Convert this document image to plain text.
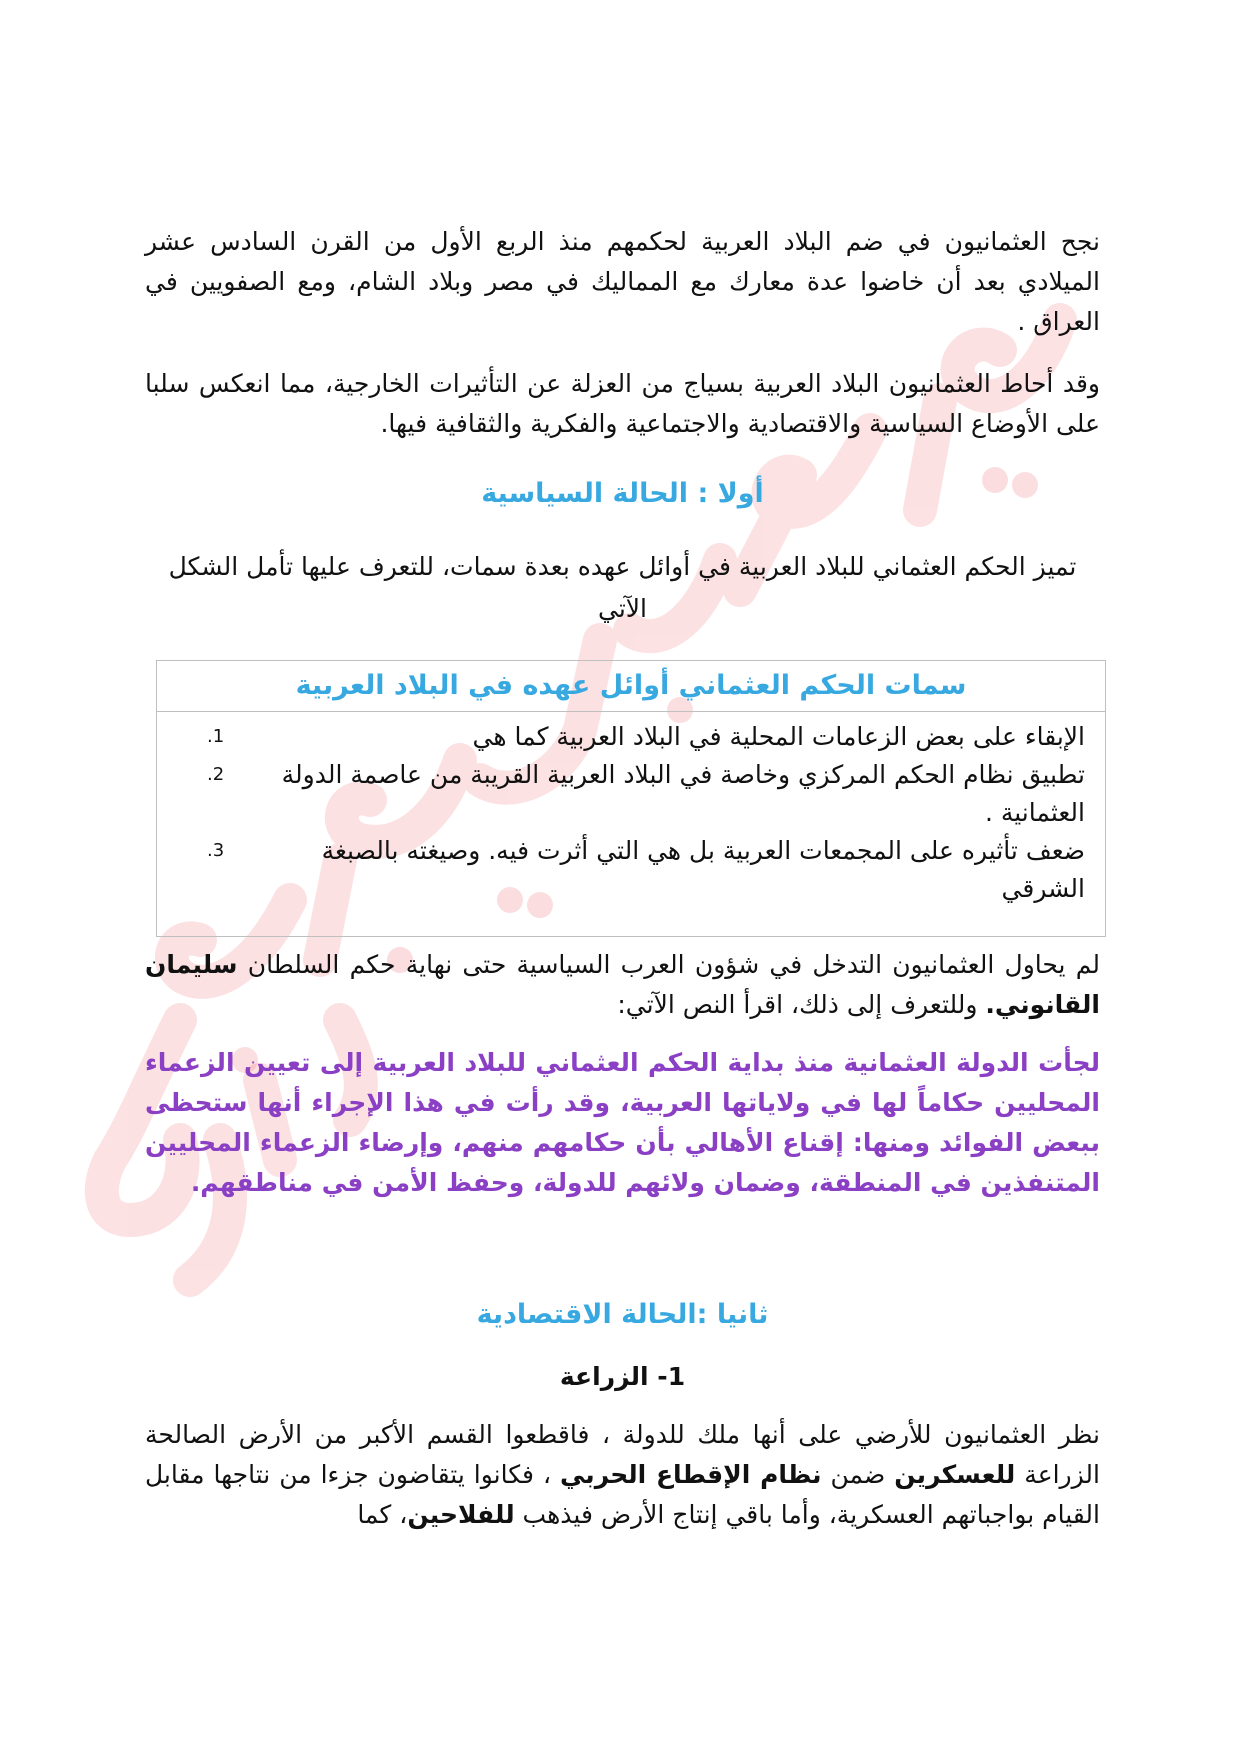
نجح العثمانيون في ضم البلاد العربية لحكمهم منذ الربع الأول من القرن السادس عشر الميلادي بعد أن خاضوا عدة معارك مع المماليك في مصر وبلاد الشام، ومع الصفويين في العراق .

وقد أحاط العثمانيون البلاد العربية بسياج من العزلة عن التأثيرات الخارجية، مما انعكس سلبا على الأوضاع السياسية والاقتصادية والاجتماعية والفكرية والثقافية فيها.

أولا : الحالة السياسية

تميز الحكم العثماني للبلاد العربية في أوائل عهده بعدة سمات، للتعرف عليها تأمل الشكل الآتي

سمات الحكم العثماني أوائل عهده في البلاد العربية
الإبقاء على بعض الزعامات المحلية في البلاد العربية كما هي
1.
تطبيق نظام الحكم المركزي وخاصة في البلاد العربية القريبة من عاصمة الدولة العثمانية .
2.
ضعف تأثيره على المجمعات العربية بل هي التي أثرت فيه. وصيغته بالصبغة الشرقي
3.

لم يحاول العثمانيون التدخل في شؤون العرب السياسية حتى نهاية حكم السلطان سليمان القانوني. وللتعرف إلى ذلك، اقرأ النص الآتي:

لجأت الدولة العثمانية منذ بداية الحكم العثماني للبلاد العربية إلى تعيين الزعماء المحليين حكاماً لها في ولاياتها العربية، وقد رأت في هذا الإجراء أنها ستحظى ببعض الفوائد ومنها: إقناع الأهالي بأن حكامهم منهم، وإرضاء الزعماء المحليين المتنفذين في المنطقة، وضمان ولائهم للدولة، وحفظ الأمن في مناطقهم.

ثانيا :الحالة الاقتصادية
1- الزراعة

نظر العثمانيون للأرضي على أنها ملك للدولة ، فاقطعوا القسم الأكبر من الأرض الصالحة الزراعة للعسكرين ضمن نظام الإقطاع الحربي ، فكانوا يتقاضون جزءا من نتاجها مقابل القيام بواجباتهم العسكرية، وأما باقي إنتاج الأرض فيذهب للفلاحين، كما
